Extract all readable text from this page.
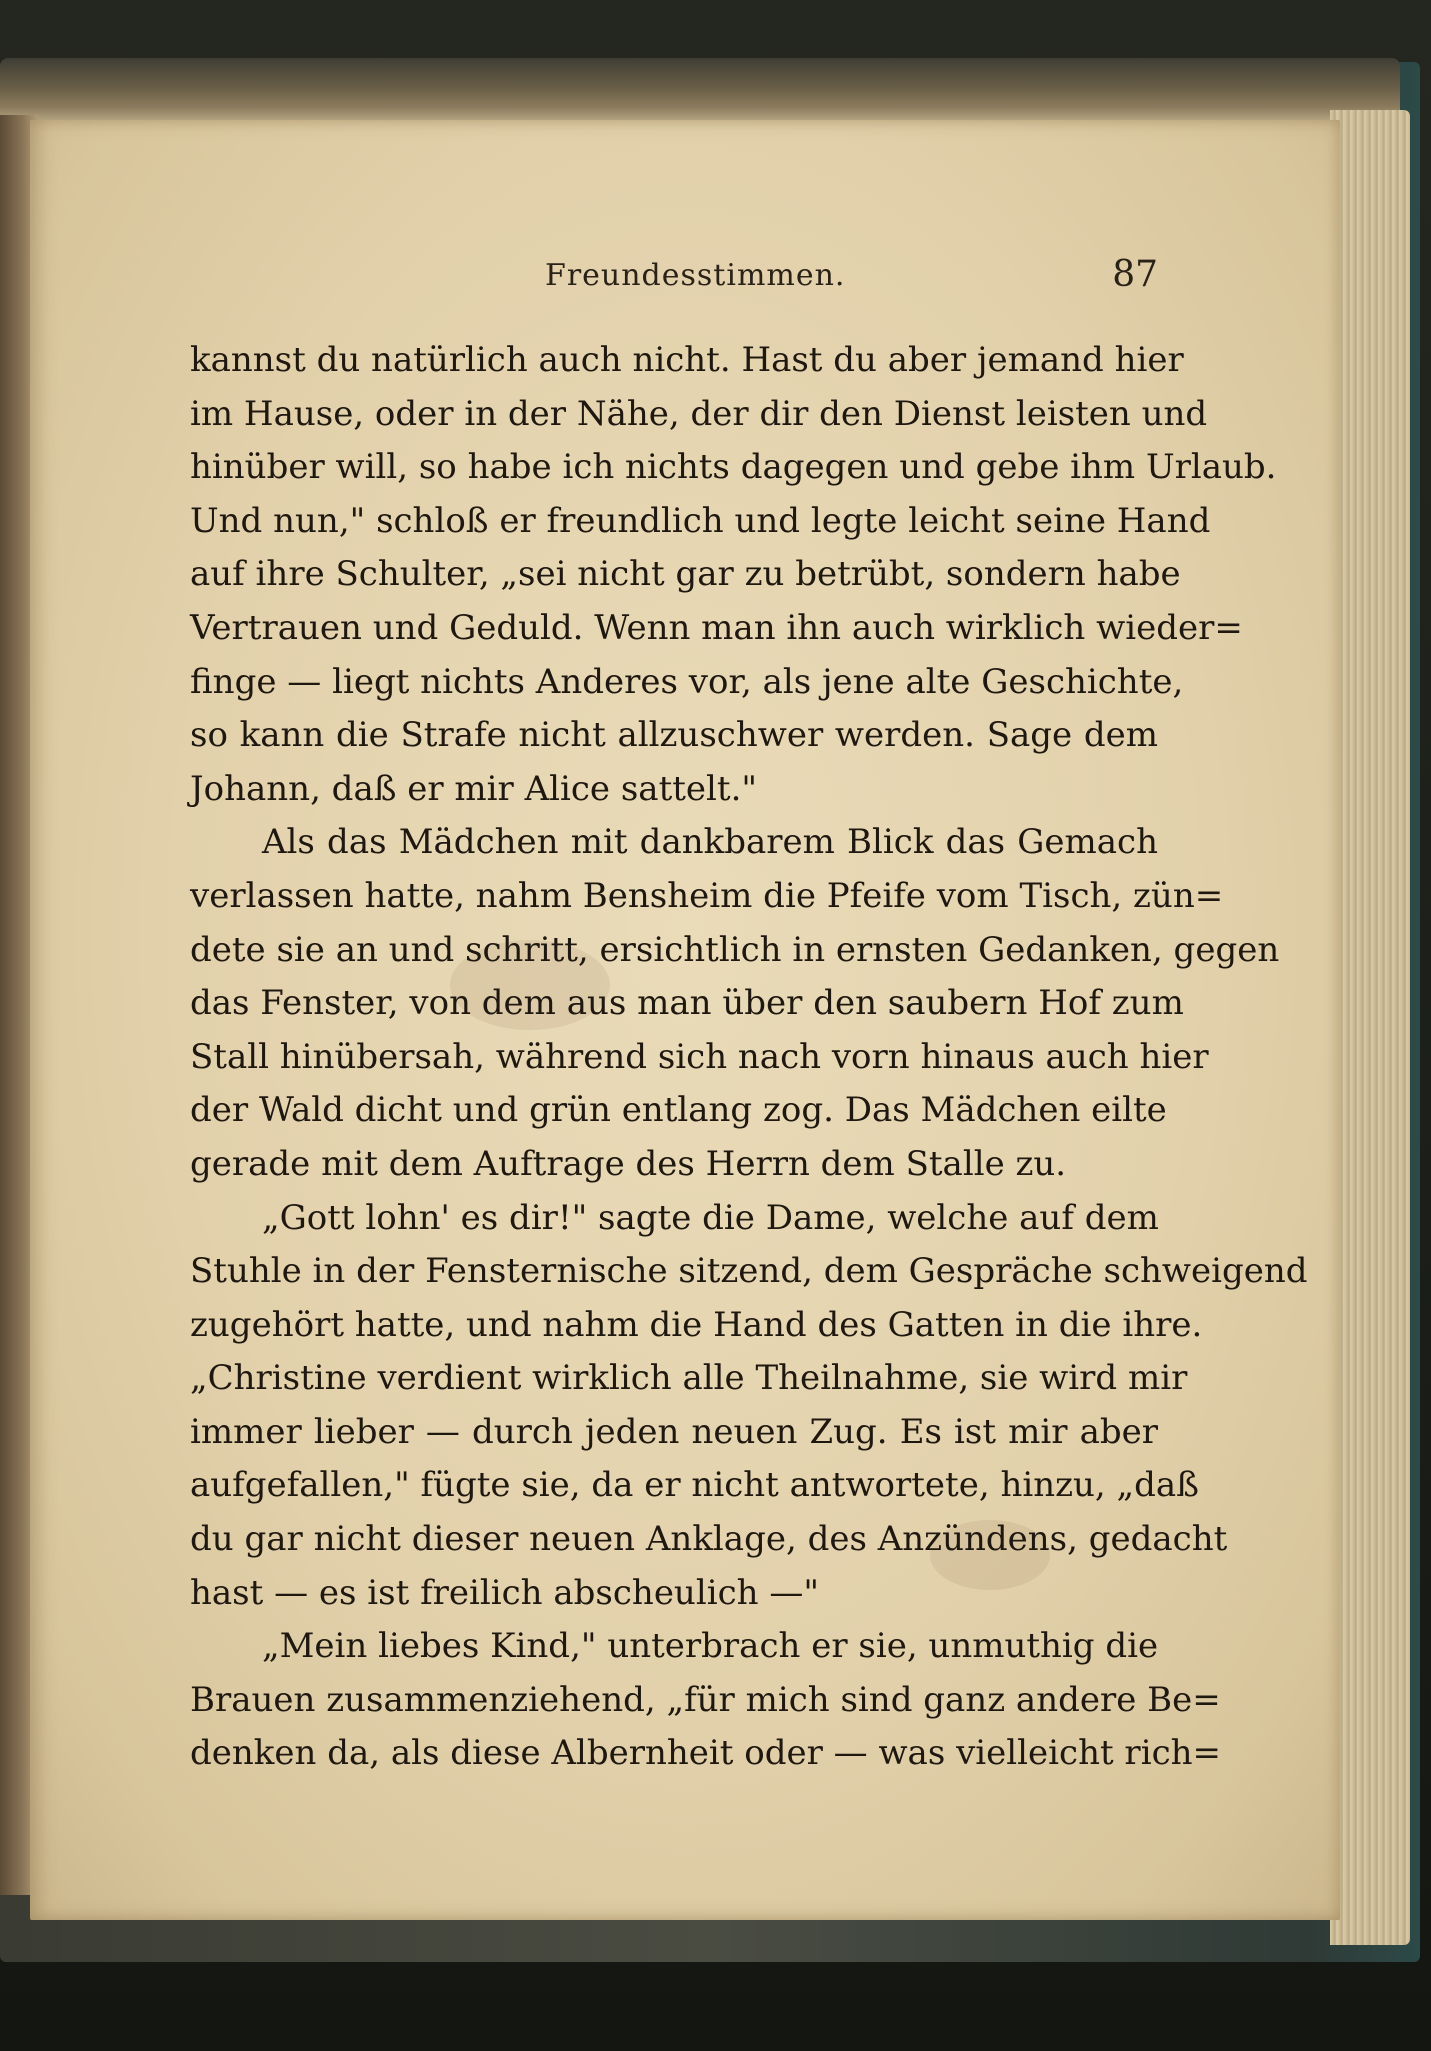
Freundesstimmen.	87
kannst du natürlich auch nicht. Hast du aber jemand hier
im Hause, oder in der Nähe, der dir den Dienst leisten und
hinüber will, so habe ich nichts dagegen und gebe ihm Urlaub.
Und nun," schloß er freundlich und legte leicht seine Hand
auf ihre Schulter, „sei nicht gar zu betrübt, sondern habe
Vertrauen und Geduld. Wenn man ihn auch wirklich wieder=
finge — liegt nichts Anderes vor, als jene alte Geschichte,
so kann die Strafe nicht allzuschwer werden. Sage dem
Johann, daß er mir Alice sattelt."
Als das Mädchen mit dankbarem Blick das Gemach
verlassen hatte, nahm Bensheim die Pfeife vom Tisch, zün=
dete sie an und schritt, ersichtlich in ernsten Gedanken, gegen
das Fenster, von dem aus man über den saubern Hof zum
Stall hinübersah, während sich nach vorn hinaus auch hier
der Wald dicht und grün entlang zog. Das Mädchen eilte
gerade mit dem Auftrage des Herrn dem Stalle zu.
„Gott lohn' es dir!" sagte die Dame, welche auf dem
Stuhle in der Fensternische sitzend, dem Gespräche schweigend
zugehört hatte, und nahm die Hand des Gatten in die ihre.
„Christine verdient wirklich alle Theilnahme, sie wird mir
immer lieber — durch jeden neuen Zug. Es ist mir aber
aufgefallen," fügte sie, da er nicht antwortete, hinzu, „daß
du gar nicht dieser neuen Anklage, des Anzündens, gedacht
hast — es ist freilich abscheulich —"
„Mein liebes Kind," unterbrach er sie, unmuthig die
Brauen zusammenziehend, „für mich sind ganz andere Be=
denken da, als diese Albernheit oder — was vielleicht rich=
